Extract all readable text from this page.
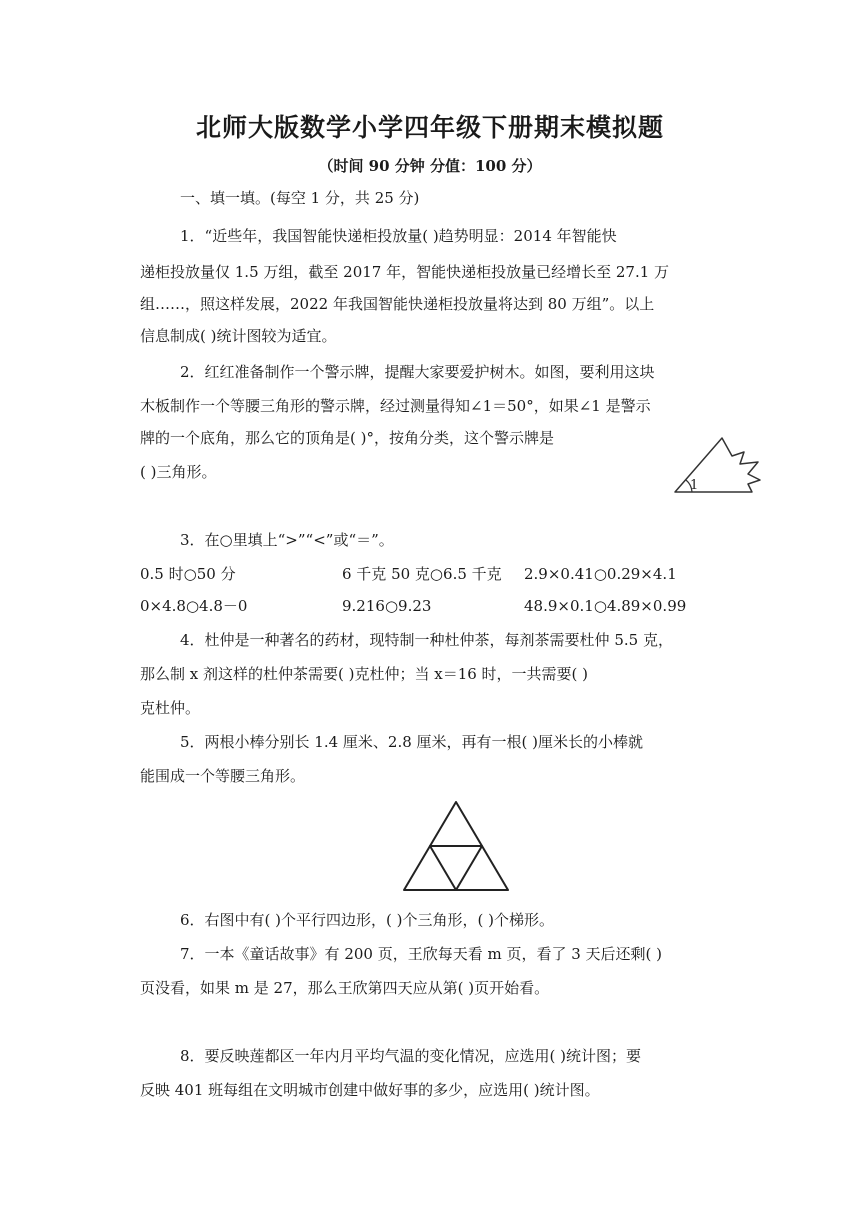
北师大版数学小学四年级下册期末模拟题
（时间 90 分钟 分值：100 分）
一、填一填。(每空 1 分，共 25 分)
1．“近些年，我国智能快递柜投放量( )趋势明显：2014 年智能快
递柜投放量仅 1.5 万组，截至 2017 年，智能快递柜投放量已经增长至 27.1 万
组……，照这样发展，2022 年我国智能快递柜投放量将达到 80 万组”。以上
信息制成( )统计图较为适宜。
2．红红准备制作一个警示牌，提醒大家要爱护树木。如图，要利用这块
木板制作一个等腰三角形的警示牌，经过测量得知∠1＝50°，如果∠1 是警示
牌的一个底角，那么它的顶角是( )°，按角分类，这个警示牌是
( )三角形。
1
3．在○里填上“>”“<”或“＝”。
0.5 时○50 分	6 千克 50 克○6.5 千克 2.9×0.41○0.29×4.1
0×4.8○4.8－0	9.216○9.23	48.9×0.1○4.89×0.99
4．杜仲是一种著名的药材，现特制一种杜仲茶，每剂茶需要杜仲 5.5 克，
那么制 x 剂这样的杜仲茶需要( )克杜仲；当 x＝16 时，一共需要( )
克杜仲。
5．两根小棒分别长 1.4 厘米、2.8 厘米，再有一根( )厘米长的小棒就
能围成一个等腰三角形。
6．右图中有( )个平行四边形，( )个三角形，( )个梯形。
7．一本《童话故事》有 200 页，王欣每天看 m 页，看了 3 天后还剩( )
页没看，如果 m 是 27，那么王欣第四天应从第( )页开始看。
8．要反映莲都区一年内月平均气温的变化情况，应选用( )统计图；要
反映 401 班每组在文明城市创建中做好事的多少，应选用( )统计图。
